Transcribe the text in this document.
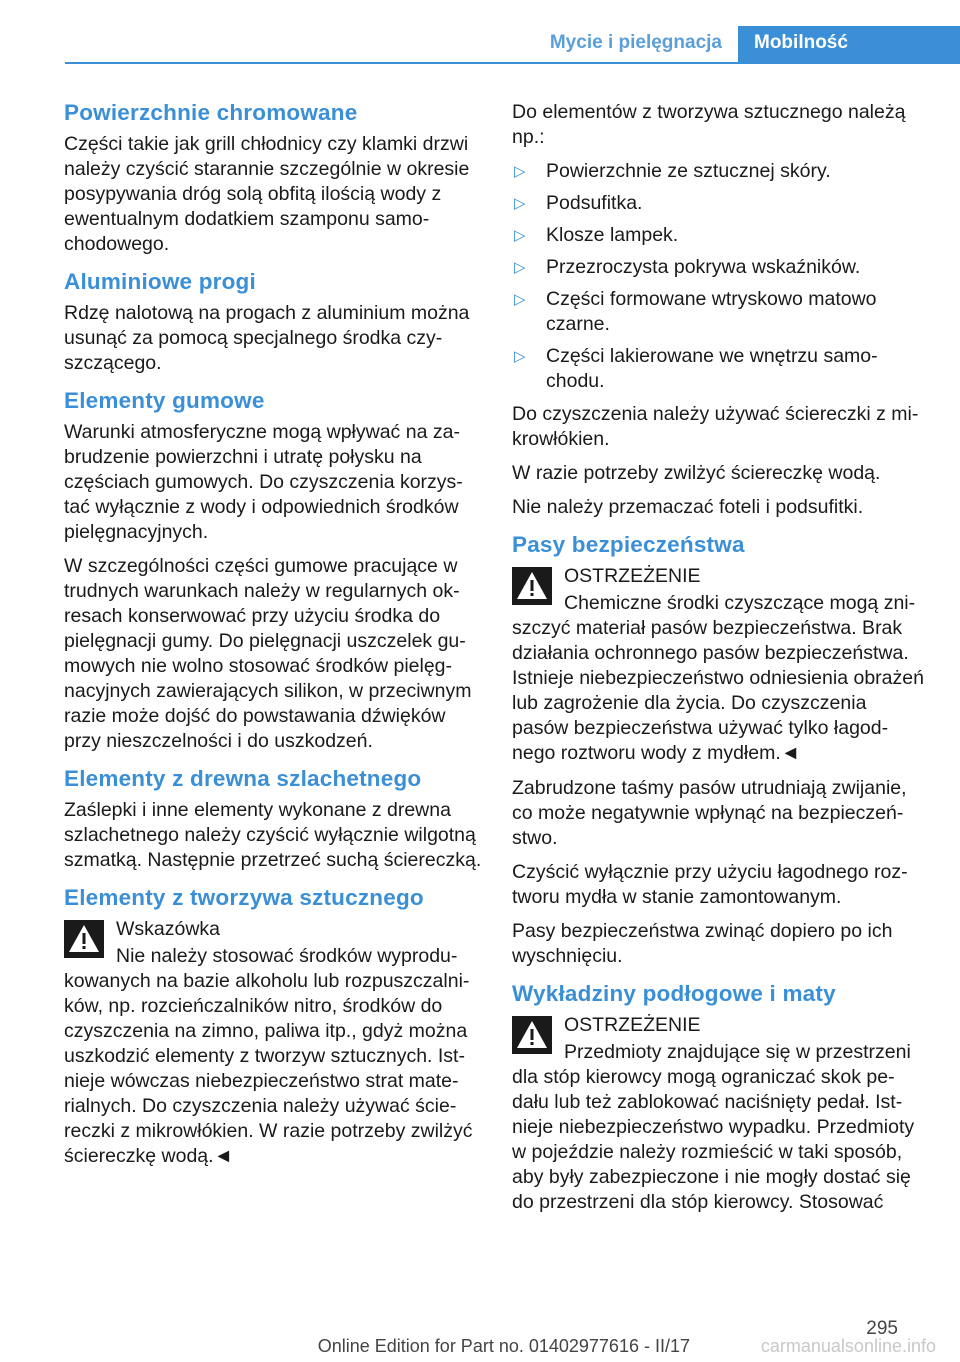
Mycie i pielęgnacja	Mobilność
Powierzchnie chromowane

Części takie jak grill chłodnicy czy klamki drzwi należy czyścić starannie szczególnie w okresie posypywania dróg solą obfitą ilością wody z ewentualnym dodatkiem szamponu samochodowego.

Aluminiowe progi

Rdzę nalotową na progach z aluminium można usunąć za pomocą specjalnego środka czyszczącego.

Elementy gumowe

Warunki atmosferyczne mogą wpływać na zabrudzenie powierzchni i utratę połysku na częściach gumowych. Do czyszczenia korzystać wyłącznie z wody i odpowiednich środków pielęgnacyjnych.

W szczególności części gumowe pracujące w trudnych warunkach należy w regularnych okresach konserwować przy użyciu środka do pielęgnacji gumy. Do pielęgnacji uszczelek gumowych nie wolno stosować środków pielęgnacyjnych zawierających silikon, w przeciwnym razie może dojść do powstawania dźwięków przy nieszczelności i do uszkodzeń.

Elementy z drewna szlachetnego

Zaślepki i inne elementy wykonane z drewna szlachetnego należy czyścić wyłącznie wilgotną szmatką. Następnie przetrzeć suchą ściereczką.

Elementy z tworzywa sztucznego
Wskazówka
Nie należy stosować środków wyprodukowanych na bazie alkoholu lub rozpuszczalników, np. rozcieńczalników nitro, środków do czyszczenia na zimno, paliwa itp., gdyż można uszkodzić elementy z tworzyw sztucznych. Istnieje wówczas niebezpieczeństwo strat materialnych. Do czyszczenia należy używać ściereczki z mikrowłókien. W razie potrzeby zwilżyć ściereczkę wodą.◄

Do elementów z tworzywa sztucznego należą np.:

▷ Powierzchnie ze sztucznej skóry.
▷ Podsufitka.
▷ Klosze lampek.
▷ Przezroczysta pokrywa wskaźników.
▷ Części formowane wtryskowo matowo czarne.
▷ Części lakierowane we wnętrzu samochodu.

Do czyszczenia należy używać ściereczki z mikrowłókien.

W razie potrzeby zwilżyć ściereczkę wodą.

Nie należy przemaczać foteli i podsufitki.

Pasy bezpieczeństwa
OSTRZEŻENIE
Chemiczne środki czyszczące mogą zniszczyć materiał pasów bezpieczeństwa. Brak działania ochronnego pasów bezpieczeństwa. Istnieje niebezpieczeństwo odniesienia obrażeń lub zagrożenie dla życia. Do czyszczenia pasów bezpieczeństwa używać tylko łagodnego roztworu wody z mydłem.◄

Zabrudzone taśmy pasów utrudniają zwijanie, co może negatywnie wpłynąć na bezpieczeństwo.

Czyścić wyłącznie przy użyciu łagodnego roztworu mydła w stanie zamontowanym.

Pasy bezpieczeństwa zwinąć dopiero po ich wyschnięciu.

Wykładziny podłogowe i maty
OSTRZEŻENIE
Przedmioty znajdujące się w przestrzeni dla stóp kierowcy mogą ograniczać skok pedału lub też zablokować naciśnięty pedał. Istnieje niebezpieczeństwo wypadku. Przedmioty w pojeździe należy rozmieścić w taki sposób, aby były zabezpieczone i nie mogły dostać się do przestrzeni dla stóp kierowcy. Stosować
295
Online Edition for Part no. 01402977616 - II/17	carmanualsonline.info
